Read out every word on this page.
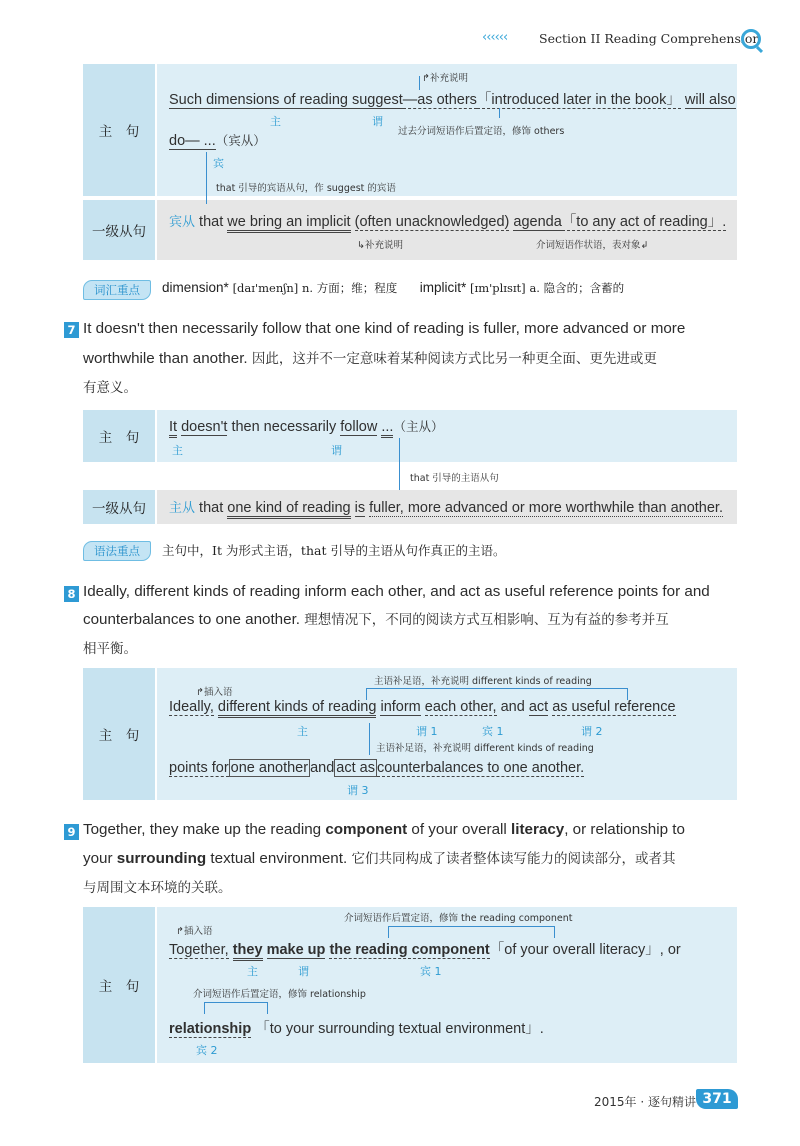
‹‹‹‹‹‹	Section II Reading Comprehension
主　句
一级从句
↱补充说明
Such dimensions of reading suggest—as others「introduced later in the book」 will also
主	谓
过去分词短语作后置定语，修饰 others
do— ...（宾从）
宾
that 引导的宾语从句，作 suggest 的宾语
宾从 that we bring an implicit (often unacknowledged) agenda「to any act of reading」.
↳补充说明	介词短语作状语，表对象↲
词汇重点	dimension* [daɪ'menʃn] n. 方面；维；程度 implicit* [ɪm'plɪsɪt] a. 隐含的；含蓄的
7 It doesn't then necessarily follow that one kind of reading is fuller, more advanced or more
worthwhile than another. 因此，这并不一定意味着某种阅读方式比另一种更全面、更先进或更
有意义。
主　句
It doesn't then necessarily follow ...（主从）
主	谓
that 引导的主语从句
一级从句	主从 that one kind of reading is fuller, more advanced or more worthwhile than another.
语法重点	主句中，It 为形式主语，that 引导的主语从句作真正的主语。
8 Ideally, different kinds of reading inform each other, and act as useful reference points for and
counterbalances to one another. 理想情况下，不同的阅读方式互相影响、互为有益的参考并互
相平衡。
主　句
主语补足语，补充说明 different kinds of reading
↱插入语
Ideally, different kinds of reading inform each other, and act as useful reference
主	谓 1	宾 1	谓 2
主语补足语，补充说明 different kinds of reading
points for one another and act as counterbalances to one another.
谓 3
9 Together, they make up the reading component of your overall literacy, or relationship to
your surrounding textual environment. 它们共同构成了读者整体读写能力的阅读部分，或者其
与周围文本环境的关联。
主　句
介词短语作后置定语，修饰 the reading component
↱插入语
Together, they make up the reading component「of your overall literacy」, or
主	谓	宾 1
介词短语作后置定语，修饰 relationship
relationship 「to your surrounding textual environment」.
宾 2
2015年 · 逐句精讲 371
